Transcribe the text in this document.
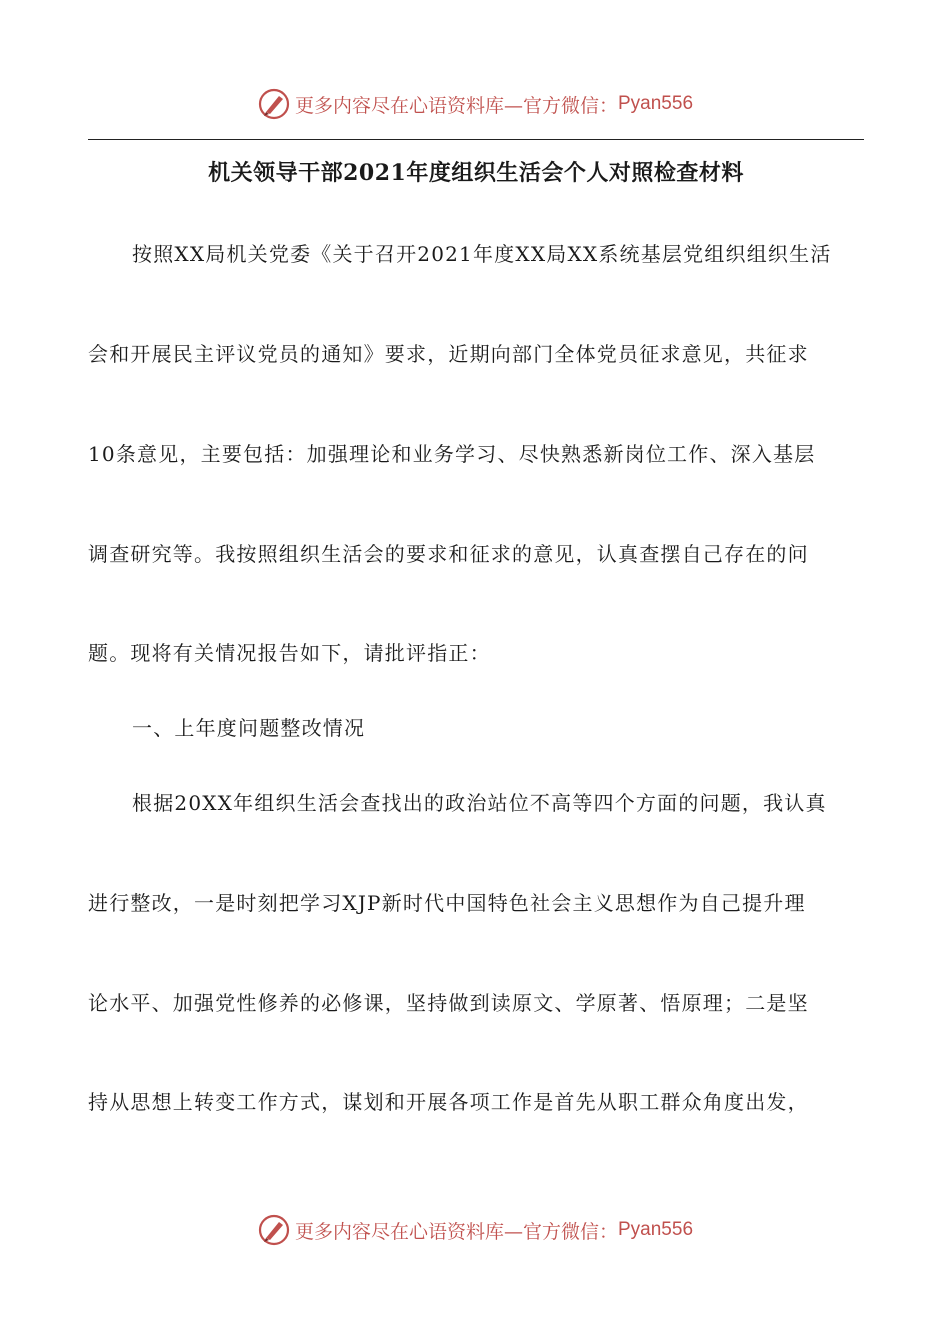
更多内容尽在心语资料库—官方微信： Pyan556
机关领导干部2021年度组织生活会个人对照检查材料
按照XX局机关党委《关于召开2021年度XX局XX系统基层党组织组织生活
会和开展民主评议党员的通知》要求，近期向部门全体党员征求意见，共征求
10条意见，主要包括：加强理论和业务学习、尽快熟悉新岗位工作、深入基层
调查研究等。我按照组织生活会的要求和征求的意见，认真查摆自己存在的问
题。现将有关情况报告如下，请批评指正：
一、上年度问题整改情况
根据20XX年组织生活会查找出的政治站位不高等四个方面的问题，我认真
进行整改，一是时刻把学习XJP新时代中国特色社会主义思想作为自己提升理
论水平、加强党性修养的必修课，坚持做到读原文、学原著、悟原理；二是坚
持从思想上转变工作方式，谋划和开展各项工作是首先从职工群众角度出发，
更多内容尽在心语资料库—官方微信： Pyan556
